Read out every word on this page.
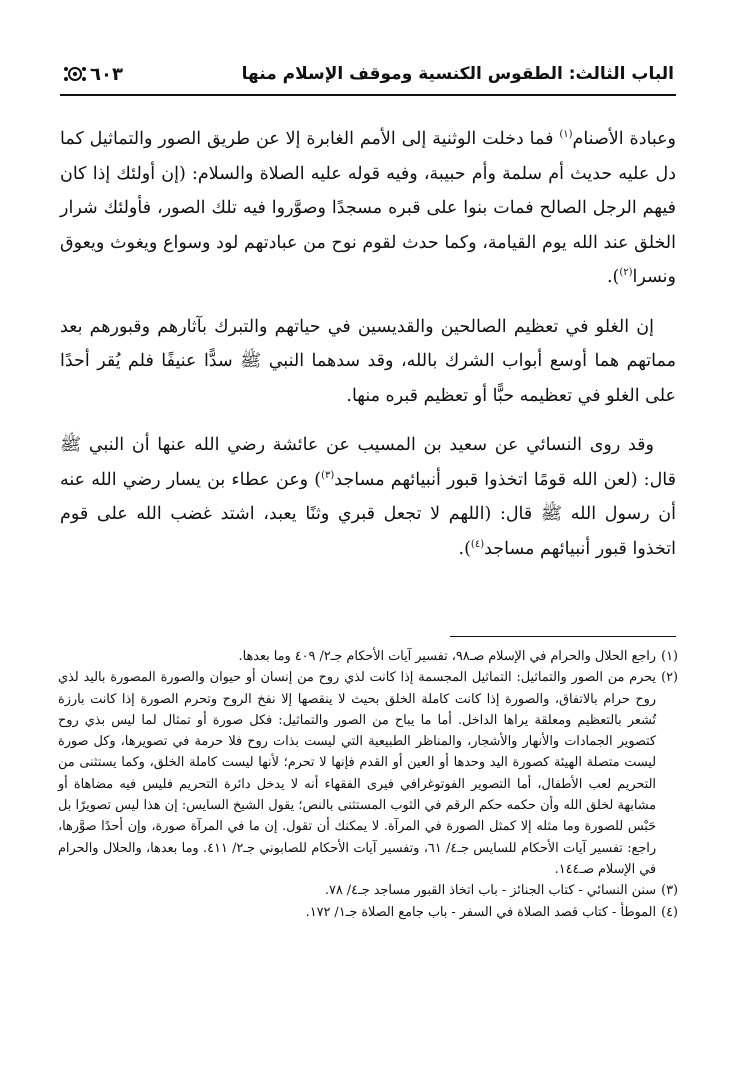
الباب الثالث: الطقوس الكنسية وموقف الإسلام منها
٦٠٣

وعبادة الأصنام$^{(١)}$ فما دخلت الوثنية إلى الأمم الغابرة إلا عن طريق الصور والتماثيل كما دل عليه حديث أم سلمة وأم حبيبة، وفيه قوله عليه الصلاة والسلام: (إن أولئك إذا كان فيهم الرجل الصالح فمات بنوا على قبره مسجدًا وصوَّروا فيه تلك الصور، فأولئك شرار الخلق عند الله يوم القيامة، وكما حدث لقوم نوح من عبادتهم لود وسواع ويغوث ويعوق ونسرا$^{(٢)}$).

إن الغلو في تعظيم الصالحين والقديسين في حياتهم والتبرك بآثارهم وقبورهم بعد مماتهم هما أوسع أبواب الشرك بالله، وقد سدهما النبي ﷺ سدًّا عنيفًا فلم يُقر أحدًا على الغلو في تعظيمه حبًّا أو تعظيم قبره منها.

وقد روى النسائي عن سعيد بن المسيب عن عائشة رضي الله عنها أن النبي ﷺ قال: (لعن الله قومًا اتخذوا قبور أنبيائهم مساجد$^{(٣)}$) وعن عطاء بن يسار رضي الله عنه أن رسول الله ﷺ قال: (اللهم لا تجعل قبري وثنًا يعبد، اشتد غضب الله على قوم اتخذوا قبور أنبيائهم مساجد$^{(٤)}$).

(١)
راجع الحلال والحرام في الإسلام صـ٩٨، تفسير آيات الأحكام جـ٢/ ٤٠٩ وما بعدها.

(٢)
يحرم من الصور والتماثيل: التماثيل المجسمة إذا كانت لذي روح من إنسان أو حيوان والصورة المصورة باليد لذي روح حرام بالاتفاق، والصورة إذا كانت كاملة الخلق بحيث لا ينقصها إلا نفخ الروح وتحرم الصورة إذا كانت بارزة تُشعر بالتعظيم ومعلقة يراها الداخل. أما ما يباح من الصور والتماثيل: فكل صورة أو تمثال لما ليس بذي روح كتصوير الجمادات والأنهار والأشجار، والمناظر الطبيعية التي ليست بذات روح فلا حرمة في تصويرها، وكل صورة ليست متصلة الهيئة كصورة اليد وحدها أو العين أو القدم فإنها لا تحرم؛ لأنها ليست كاملة الخلق، وكما يستثنى من التحريم لعب الأطفال، أما التصوير الفوتوغرافي فيرى الفقهاء أنه لا يدخل دائرة التحريم فليس فيه مضاهاة أو مشابهة لخلق الله وأن حكمه حكم الرقم في الثوب المستثنى بالنص؛ يقول الشيخ السايس: إن هذا ليس تصويرًا بل حَبْس للصورة وما مثله إلا كمثل الصورة في المرآة. لا يمكنك أن تقول. إن ما في المرآة صورة، وإن أحدًا صوَّرها، راجع: تفسير آيات الأحكام للسايس جـ٤/ ٦١، وتفسير آيات الأحكام للصابوني جـ٢/ ٤١١. وما بعدها، والحلال والحرام في الإسلام صـ١٤٤.

(٣)
سنن النسائي - كتاب الجنائز - باب اتخاذ القبور مساجد جـ٤/ ٧٨.

(٤)
الموطأ - كتاب قصد الصلاة في السفر - باب جامع الصلاة جـ١/ ١٧٢.
